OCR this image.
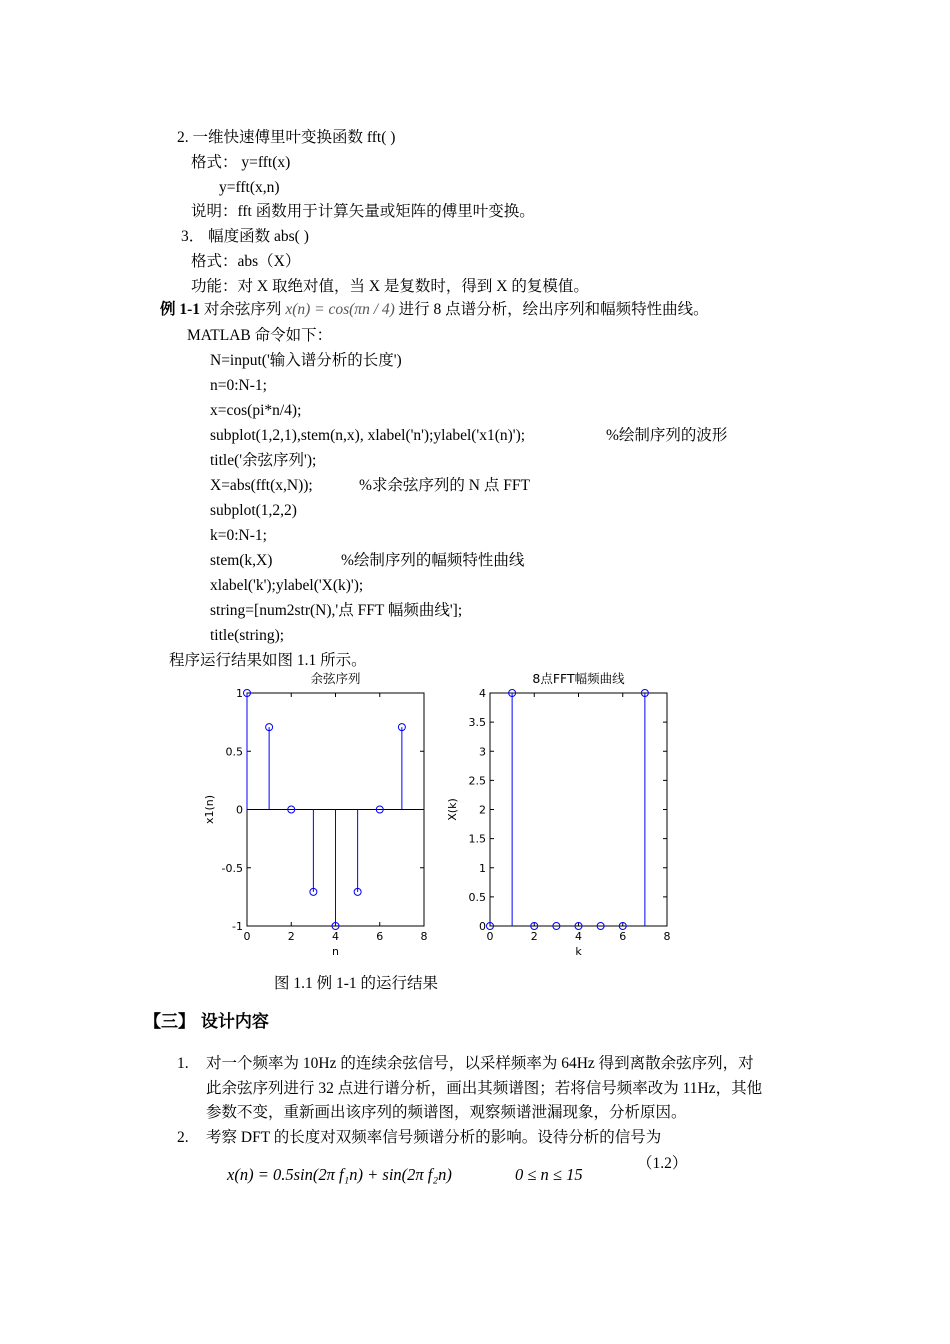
2. 一维快速傅里叶变换函数 fft( )
格式： y=fft(x)
y=fft(x,n)
说明：fft 函数用于计算矢量或矩阵的傅里叶变换。
3． 幅度函数 abs( )
格式：abs（X）
功能：对 X 取绝对值，当 X 是复数时，得到 X 的复模值。
例 1-1 对余弦序列 x(n) = cos(πn / 4) 进行 8 点谱分析，绘出序列和幅频特性曲线。
MATLAB 命令如下：
N=input('输入谱分析的长度')
n=0:N-1;
x=cos(pi*n/4);
subplot(1,2,1),stem(n,x), xlabel('n');ylabel('x1(n)');	%绘制序列的波形
title('余弦序列');
X=abs(fft(x,N));	%求余弦序列的 N 点 FFT
subplot(1,2,2)
k=0:N-1;
stem(k,X)	%绘制序列的幅频特性曲线
xlabel('k');ylabel('X(k)');
string=[num2str(N),'点 FFT 幅频曲线'];
title(string);
程序运行结果如图 1.1 所示。
0	2	4	6	8
-1
-0.5
0
0.5
1
余弦序列
n
x1(n)
0	2	4	6	8
0
0.5
1
1.5
2
2.5
3
3.5
4
8点FFT幅频曲线
k
X(k)
图 1.1 例 1-1 的运行结果
【三】 设计内容
1. 对一个频率为 10Hz 的连续余弦信号，以采样频率为 64Hz 得到离散余弦序列，对
此余弦序列进行 32 点进行谱分析，画出其频谱图；若将信号频率改为 11Hz，其他
参数不变，重新画出该序列的频谱图，观察频谱泄漏现象，分析原因。
2. 考察 DFT 的长度对双频率信号频谱分析的影响。设待分析的信号为
（1.2）
x(n) = 0.5sin(2π f₁n) + sin(2π f₂n)	0 ≤ n ≤ 15
